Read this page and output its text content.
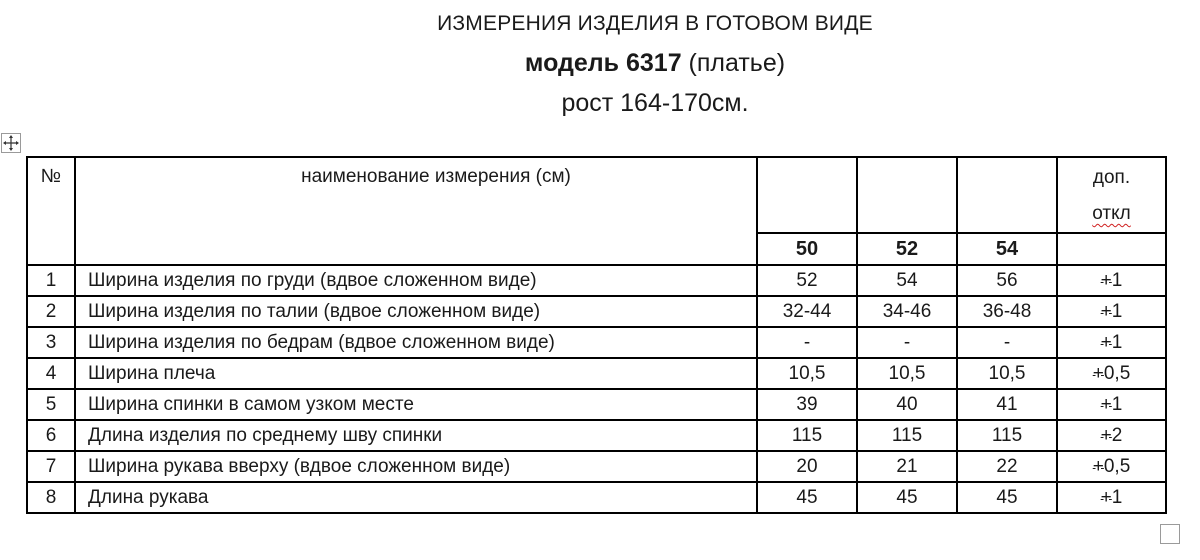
ИЗМЕРЕНИЯ ИЗДЕЛИЯ В ГОТОВОМ ВИДЕ
модель 6317 (платье)
рост 164-170см.
№	наименование измерения (см)				доп.
откл

		50	52	54	
1	Ширина изделия по груди (вдвое сложенном виде)	52	54	56	+1
2	Ширина изделия по талии (вдвое сложенном виде)	32-44	34-46	36-48	+1
3	Ширина изделия по бедрам (вдвое сложенном виде)	-	-	-	+1
4	Ширина плеча	10,5	10,5	10,5	+0,5
5	Ширина спинки в самом узком месте	39	40	41	+1
6	Длина изделия по среднему шву спинки	115	115	115	+2
7	Ширина рукава вверху (вдвое сложенном виде)	20	21	22	+0,5
8	Длина рукава	45	45	45	+1
